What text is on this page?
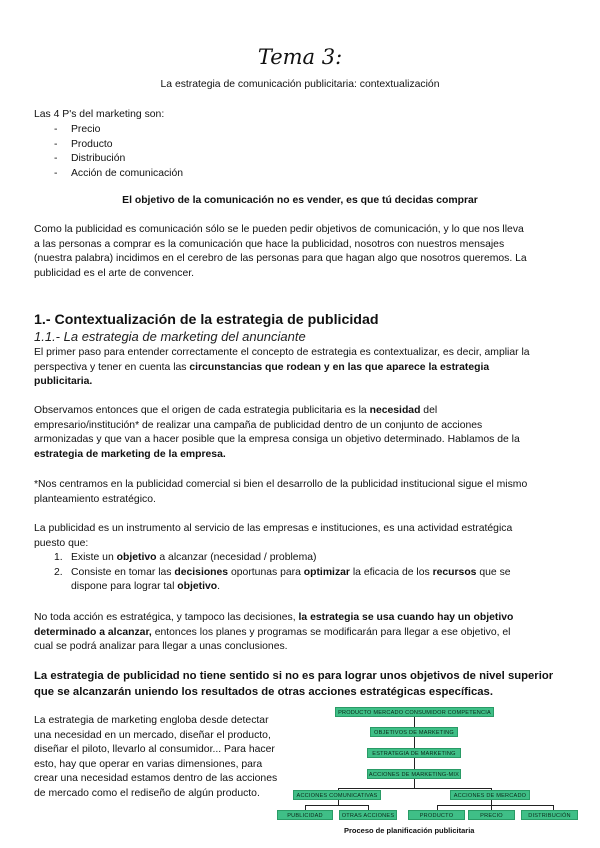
Tema 3:
La estrategia de comunicación publicitaria: contextualización
Las 4 P's del marketing son:
- Precio
- Producto
- Distribución
- Acción de comunicación
El objetivo de la comunicación no es vender, es que tú decidas comprar
Como la publicidad es comunicación sólo se le pueden pedir objetivos de comunicación, y lo que nos lleva
a las personas a comprar es la comunicación que hace la publicidad, nosotros con nuestros mensajes
(nuestra palabra) incidimos en el cerebro de las personas para que hagan algo que nosotros queremos. La
publicidad es el arte de convencer.
1.- Contextualización de la estrategia de publicidad
1.1.- La estrategia de marketing del anunciante
El primer paso para entender correctamente el concepto de estrategia es contextualizar, es decir, ampliar la
perspectiva y tener en cuenta las circunstancias que rodean y en las que aparece la estrategia
publicitaria.
Observamos entonces que el origen de cada estrategia publicitaria es la necesidad del
empresario/institución* de realizar una campaña de publicidad dentro de un conjunto de acciones
armonizadas y que van a hacer posible que la empresa consiga un objetivo determinado. Hablamos de la
estrategia de marketing de la empresa.
*Nos centramos en la publicidad comercial si bien el desarrollo de la publicidad institucional sigue el mismo
planteamiento estratégico.
La publicidad es un instrumento al servicio de las empresas e instituciones, es una actividad estratégica
puesto que:
1. Existe un objetivo a alcanzar (necesidad / problema)
2. Consiste en tomar las decisiones oportunas para optimizar la eficacia de los recursos que se
dispone para lograr tal objetivo.
No toda acción es estratégica, y tampoco las decisiones, la estrategia se usa cuando hay un objetivo
determinado a alcanzar, entonces los planes y programas se modificarán para llegar a ese objetivo, el
cual se podrá analizar para llegar a unas conclusiones.
La estrategia de publicidad no tiene sentido si no es para lograr unos objetivos de nivel superior
que se alcanzarán uniendo los resultados de otras acciones estratégicas específicas.
La estrategia de marketing engloba desde detectar
una necesidad en un mercado, diseñar el producto,
diseñar el piloto, llevarlo al consumidor... Para hacer
esto, hay que operar en varias dimensiones, para
crear una necesidad estamos dentro de las acciones
de mercado como el rediseño de algún producto.
PRODUCTO MERCADO CONSUMIDOR COMPETENCIA
OBJETIVOS DE MARKETING
ESTRATEGIA DE MARKETING
ACCIONES DE MARKETING-MIX
ACCIONES COMUNICATIVAS	ACCIONES DE MERCADO
PUBLICIDAD	OTRAS ACCIONES	PRODUCTO	PRECIO	DISTRIBUCIÓN
Proceso de planificación publicitaria
